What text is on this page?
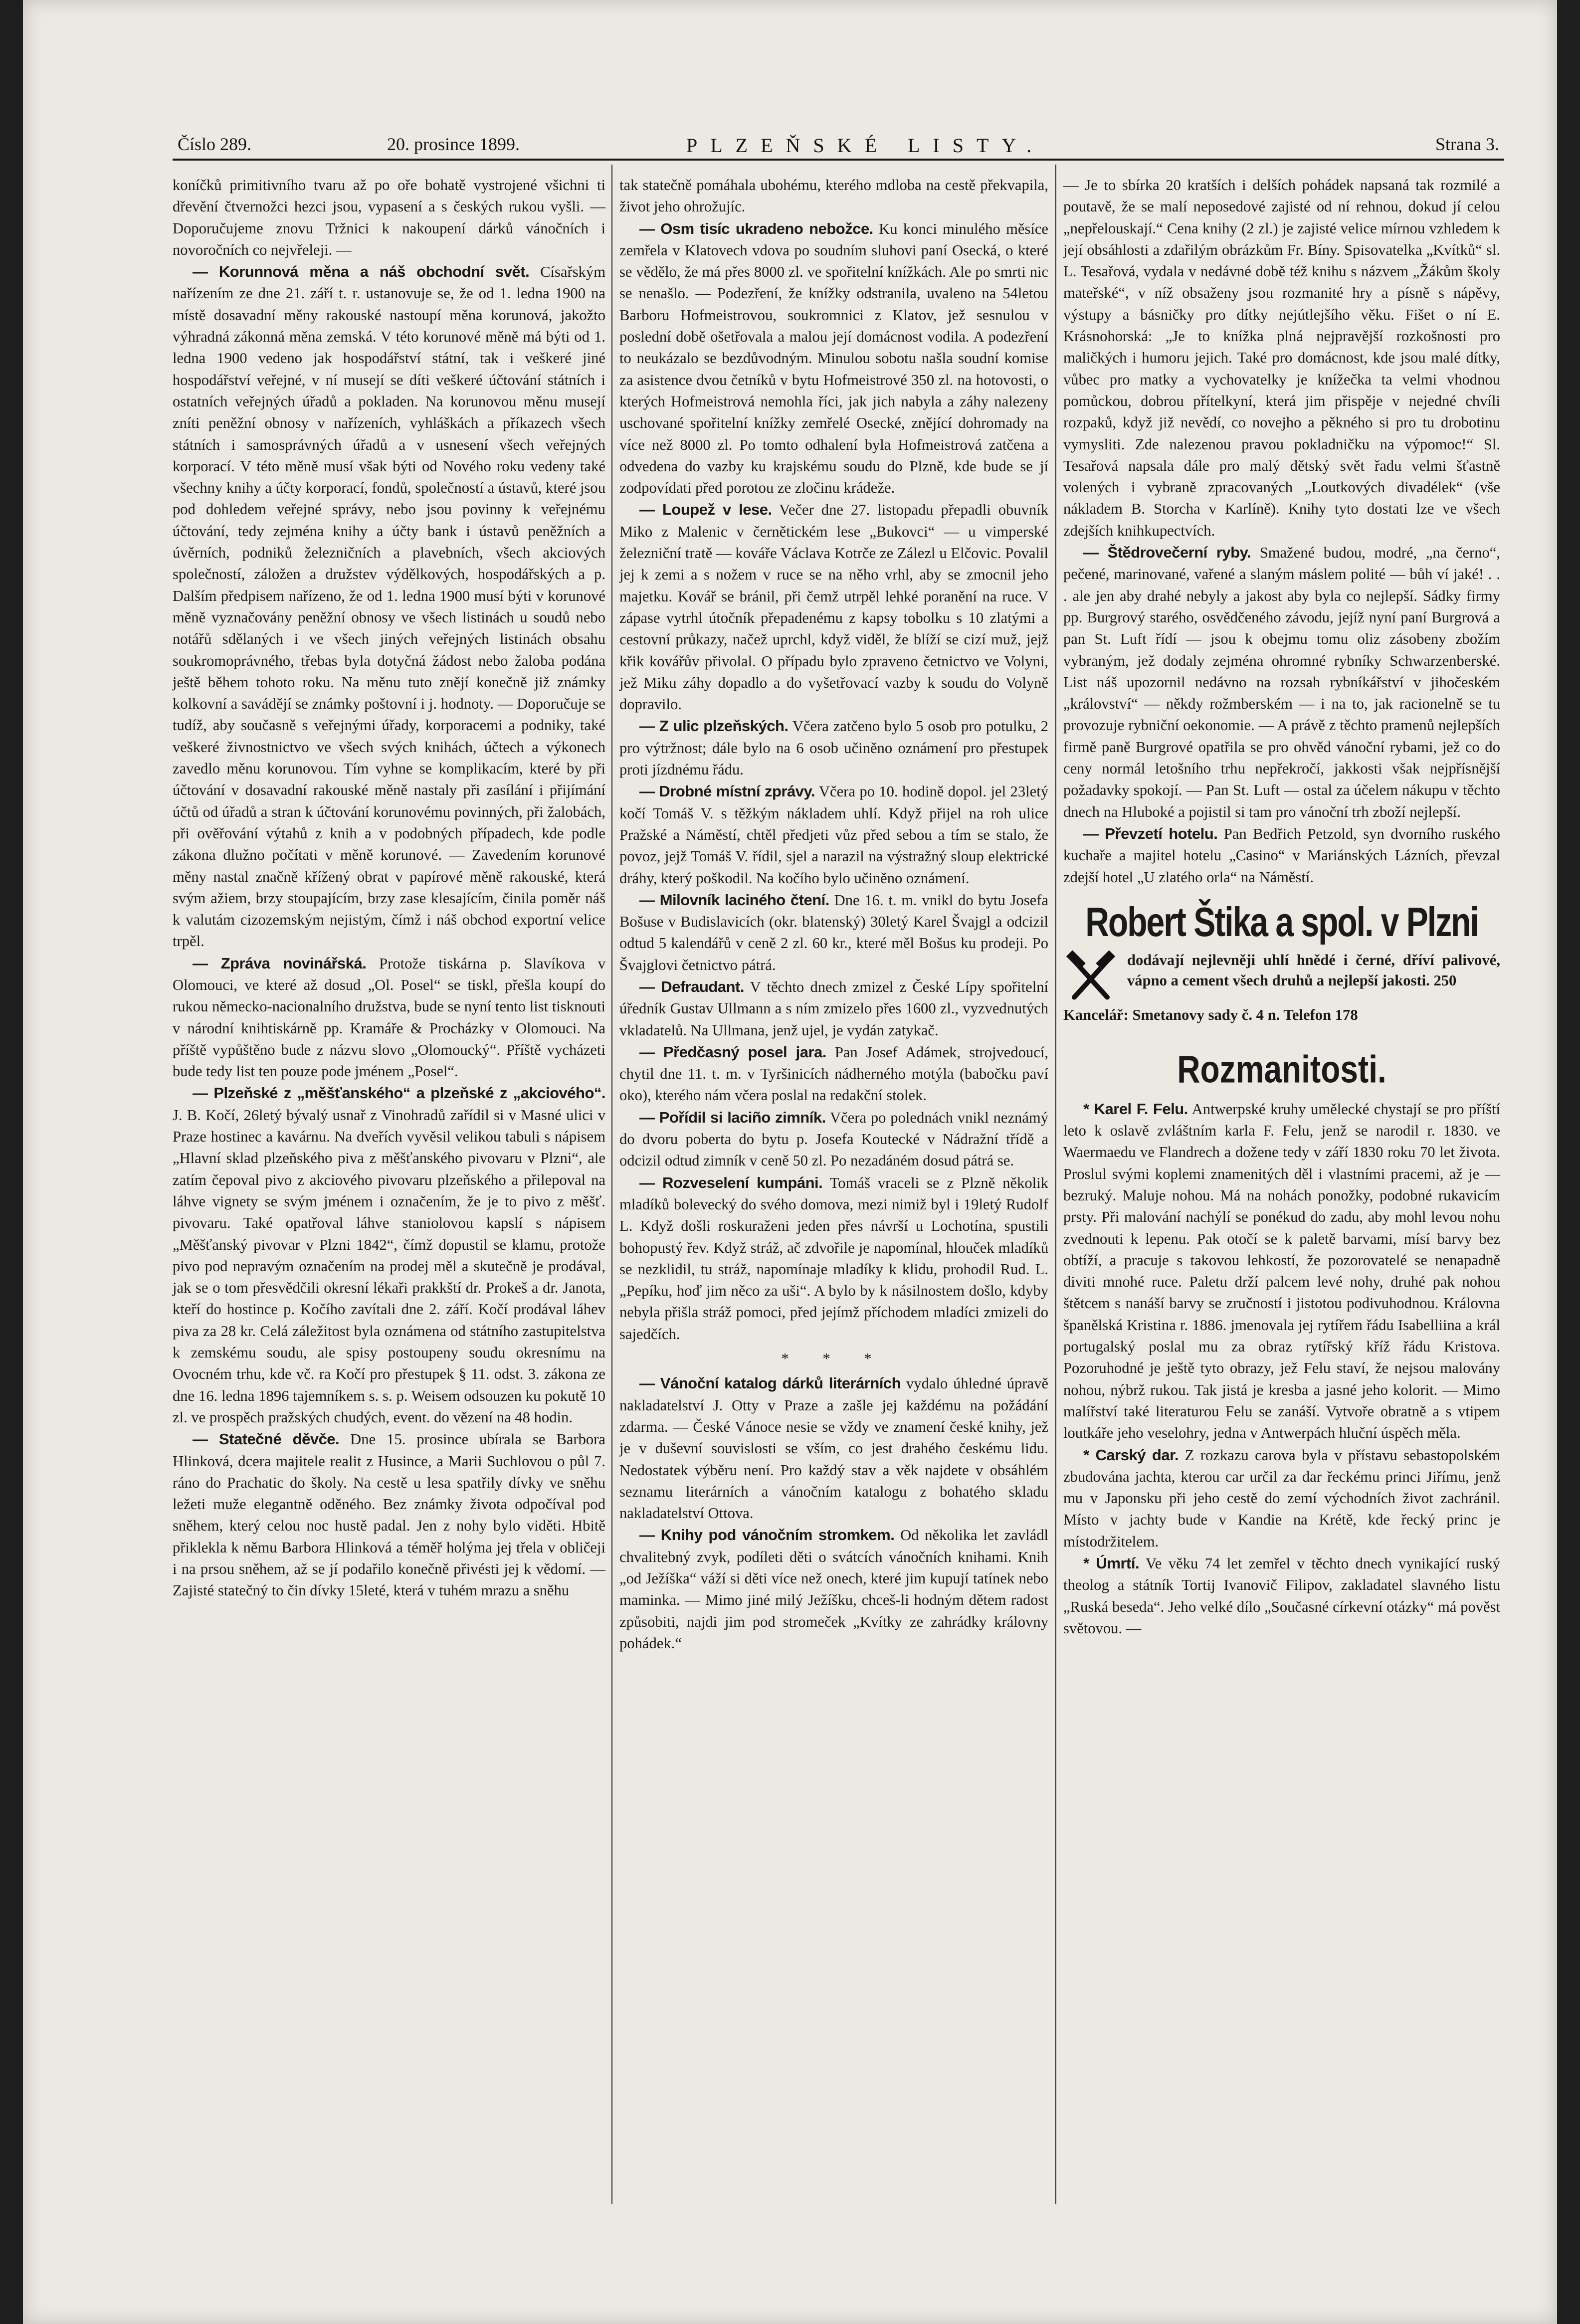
Číslo 289.	20. prosince 1899.	PLZEŇSKÉ LISTY.	Strana 3.

koníčků primitivního tvaru až po oře bohatě vystrojené všichni ti dřevění čtvernožci hezci jsou, vypasení a s českých rukou vyšli. — Doporučujeme znovu Tržnici k nakoupení dárků vánočních i novoročních co nejvřeleji. —

— Korunnová měna a náš obchodní svět. Císařským nařízením ze dne 21. září t. r. ustanovuje se, že od 1. ledna 1900 na místě dosavadní měny rakouské nastoupí měna korunová, jakožto výhradná zákonná měna zemská. V této korunové měně má býti od 1. ledna 1900 vedeno jak hospodářství státní, tak i veškeré jiné hospodářství veřejné, v ní musejí se díti veškeré účtování státních i ostatních veřejných úřadů a pokladen. Na korunovou měnu musejí zníti peněžní obnosy v nařízeních, vyhláškách a příkazech všech státních i samosprávných úřadů a v usnesení všech veřejných korporací. V této měně musí však býti od Nového roku vedeny také všechny knihy a účty korporací, fondů, společností a ústavů, které jsou pod dohledem veřejné správy, nebo jsou povinny k veřejnému účtování, tedy zejména knihy a účty bank i ústavů peněžních a úvěrních, podniků železničních a plavebních, všech akciových společností, záložen a družstev výdělkových, hospodářských a p. Dalším předpisem nařízeno, že od 1. ledna 1900 musí býti v korunové měně vyznačovány peněžní obnosy ve všech listinách u soudů nebo notářů sdělaných i ve všech jiných veřejných listinách obsahu soukromoprávného, třebas byla dotyčná žádost nebo žaloba podána ještě během tohoto roku. Na měnu tuto znějí konečně již známky kolkovní a savádějí se známky poštovní i j. hodnoty. — Doporučuje se tudíž, aby současně s veřejnými úřady, korporacemi a podniky, také veškeré živnostnictvo ve všech svých knihách, účtech a výkonech zavedlo měnu korunovou. Tím vyhne se komplikacím, které by při účtování v dosavadní rakouské měně nastaly při zasílání i přijímání účtů od úřadů a stran k účtování korunovému povinných, při žalobách, při ověřování výtahů z knih a v podobných případech, kde podle zákona dlužno počítati v měně korunové. — Zavedením korunové měny nastal značně křížený obrat v papírové měně rakouské, která svým ažiem, brzy stoupajícím, brzy zase klesajícím, činila poměr náš k valutám cizozemským nejistým, čímž i náš obchod exportní velice trpěl.

— Zpráva novinářská. Protože tiskárna p. Slavíkova v Olomouci, ve které až dosud „Ol. Posel“ se tiskl, přešla koupí do rukou německo-nacionalního družstva, bude se nyní tento list tisknouti v národní knihtiskárně pp. Kramáře & Procházky v Olomouci. Na příště vypůštěno bude z názvu slovo „Olomoucký“. Příště vycházeti bude tedy list ten pouze pode jménem „Posel“.

— Plzeňské z „měšťanského“ a plzeňské z „akciového“. J. B. Kočí, 26letý bývalý usnař z Vinohradů zařídil si v Masné ulici v Praze hostinec a kavárnu. Na dveřích vyvěsil velikou tabuli s nápisem „Hlavní sklad plzeňského piva z měšťanského pivovaru v Plzni“, ale zatím čepoval pivo z akciového pivovaru plzeňského a přilepoval na láhve vignety se svým jménem i označením, že je to pivo z měšť. pivovaru. Také opatřoval láhve staniolovou kapslí s nápisem „Měšťanský pivovar v Plzni 1842“, čímž dopustil se klamu, protože pivo pod nepravým označením na prodej měl a skutečně je prodával, jak se o tom přesvědčili okresní lékaři prakkští dr. Prokeš a dr. Janota, kteří do hostince p. Kočího zavítali dne 2. září. Kočí prodával láhev piva za 28 kr. Celá záležitost byla oznámena od státního zastupitelstva k zemskému soudu, ale spisy postoupeny soudu okresnímu na Ovocném trhu, kde vč. ra Kočí pro přestupek § 11. odst. 3. zákona ze dne 16. ledna 1896 tajemníkem s. s. p. Weisem odsouzen ku pokutě 10 zl. ve prospěch pražských chudých, event. do vězení na 48 hodin.

— Statečné děvče. Dne 15. prosince ubírala se Barbora Hlinková, dcera majitele realit z Husince, a Marii Suchlovou o půl 7. ráno do Prachatic do školy. Na cestě u lesa spatřily dívky ve sněhu ležeti muže elegantně oděného. Bez známky života odpočíval pod sněhem, který celou noc hustě padal. Jen z nohy bylo viděti. Hbitě přiklekla k němu Barbora Hlinková a téměř holýma jej třela v obličeji i na prsou sněhem, až se jí podařilo konečně přivésti jej k vědomí. — Zajisté statečný to čin dívky 15leté, která v tuhém mrazu a sněhu

tak statečně pomáhala ubohému, kterého mdloba na cestě překvapila, život jeho ohrožujíc.

— Osm tisíc ukradeno nebožce. Ku konci minulého měsíce zemřela v Klatovech vdova po soudním sluhovi paní Osecká, o které se vědělo, že má přes 8000 zl. ve spořitelní knížkách. Ale po smrti nic se nenašlo. — Podezření, že knížky odstranila, uvaleno na 54letou Barboru Hofmeistrovou, soukromnici z Klatov, jež sesnulou v poslední době ošetřovala a malou její domácnost vodila. A podezření to neukázalo se bezdůvodným. Minulou sobotu našla soudní komise za asistence dvou četníků v bytu Hofmeistrové 350 zl. na hotovosti, o kterých Hofmeistrová nemohla říci, jak jich nabyla a záhy nalezeny uschované spořitelní knížky zemřelé Osecké, znějící dohromady na více než 8000 zl. Po tomto odhalení byla Hofmeistrová zatčena a odvedena do vazby ku krajskému soudu do Plzně, kde bude se jí zodpovídati před porotou ze zločinu krádeže.

— Loupež v lese. Večer dne 27. listopadu přepadli obuvník Miko z Malenic v černětickém lese „Bukovci“ — u vimperské železniční tratě — kováře Václava Kotrče ze Zálezl u Elčovic. Povalil jej k zemi a s nožem v ruce se na něho vrhl, aby se zmocnil jeho majetku. Kovář se bránil, při čemž utrpěl lehké poranění na ruce. V zápase vytrhl útočník přepadenému z kapsy tobolku s 10 zlatými a cestovní průkazy, načež uprchl, když viděl, že blíží se cizí muž, jejž křik kovářův přivolal. O případu bylo zpraveno četnictvo ve Volyni, jež Miku záhy dopadlo a do vyšetřovací vazby k soudu do Volyně dopravilo.

— Z ulic plzeňských. Včera zatčeno bylo 5 osob pro potulku, 2 pro výtržnost; dále bylo na 6 osob učiněno oznámení pro přestupek proti jízdnému řádu.

— Drobné místní zprávy. Včera po 10. hodině dopol. jel 23letý kočí Tomáš V. s těžkým nákladem uhlí. Když přijel na roh ulice Pražské a Náměstí, chtěl předjeti vůz před sebou a tím se stalo, že povoz, jejž Tomáš V. řídil, sjel a narazil na výstražný sloup elektrické dráhy, který poškodil. Na kočího bylo učiněno oznámení.

— Milovník laciného čtení. Dne 16. t. m. vnikl do bytu Josefa Bošuse v Budislavicích (okr. blatenský) 30letý Karel Švajgl a odcizil odtud 5 kalendářů v ceně 2 zl. 60 kr., které měl Bošus ku prodeji. Po Švajglovi četnictvo pátrá.

— Defraudant. V těchto dnech zmizel z České Lípy spořitelní úředník Gustav Ullmann a s ním zmizelo přes 1600 zl., vyzvednutých vkladatelů. Na Ullmana, jenž ujel, je vydán zatykač.

— Předčasný posel jara. Pan Josef Adámek, strojvedoucí, chytil dne 11. t. m. v Tyršinicích nádherného motýla (babočku paví oko), kterého nám včera poslal na redakční stolek.

— Pořídil si laciño zimník. Včera po polednách vnikl neznámý do dvoru poberta do bytu p. Josefa Koutecké v Nádražní třídě a odcizil odtud zimník v ceně 50 zl. Po nezadáném dosud pátrá se.

— Rozveselení kumpáni. Tomáš vraceli se z Plzně několik mladíků bolevecký do svého domova, mezi nimiž byl i 19letý Rudolf L. Když došli roskuraženi jeden přes návrší u Lochotína, spustili bohopustý řev. Když stráž, ač zdvořile je napomínal, hlouček mladíků se nezklidil, tu stráž, napomínaje mladíky k klidu, prohodil Rud. L. „Pepíku, hoď jim něco za uši“. A bylo by k násilnostem došlo, kdyby nebyla přišla stráž pomoci, před jejímž příchodem mladíci zmizeli do sajedčích.

* * *

— Vánoční katalog dárků literárních vydalo úhledné úpravě nakladatelství J. Otty v Praze a zašle jej každému na požádání zdarma. — České Vánoce nesie se vždy ve znamení české knihy, jež je v duševní souvislosti se vším, co jest drahého českému lidu. Nedostatek výběru není. Pro každý stav a věk najdete v obsáhlém seznamu literárních a vánočním katalogu z bohatého skladu nakladatelství Ottova.

— Knihy pod vánočním stromkem. Od několika let zavládl chvalitebný zvyk, podíleti děti o svátcích vánočních knihami. Knih „od Ježíška“ váží si děti více než onech, které jim kupují tatínek nebo maminka. — Mimo jiné milý Ježíšku, chceš-li hodným dětem radost způsobiti, najdi jim pod stromeček „Kvítky ze zahrádky královny pohádek.“

— Je to sbírka 20 kratších i delších pohádek napsaná tak rozmilé a poutavě, že se malí neposedové zajisté od ní rehnou, dokud jí celou „nepřelouskají.“ Cena knihy (2 zl.) je zajisté velice mírnou vzhledem k její obsáhlosti a zdařilým obrázkům Fr. Bíny. Spisovatelka „Kvítků“ sl. L. Tesařová, vydala v nedávné době též knihu s názvem „Žákům školy mateřské“, v níž obsaženy jsou rozmanité hry a písně s nápěvy, výstupy a básničky pro dítky nejútlejšího věku. Fišet o ní E. Krásnohorská: „Je to knížka plná nejpravější rozkošnosti pro maličkých i humoru jejich. Také pro domácnost, kde jsou malé dítky, vůbec pro matky a vychovatelky je knížečka ta velmi vhodnou pomůckou, dobrou přítelkyní, která jim přispěje v nejedné chvíli rozpaků, když již nevědí, co novejho a pěkného si pro tu drobotinu vymysliti. Zde nalezenou pravou pokladničku na výpomoc!“ Sl. Tesařová napsala dále pro malý dětský svět řadu velmi šťastně volených i vybraně zpracovaných „Loutkových divadélek“ (vše nákladem B. Storcha v Karlíně). Knihy tyto dostati lze ve všech zdejších knihkupectvích.

— Štědrovečerní ryby. Smažené budou, modré, „na černo“, pečené, marinované, vařené a slaným máslem polité — bůh ví jaké! . . . ale jen aby drahé nebyly a jakost aby byla co nejlepší. Sádky firmy pp. Burgrový starého, osvědčeného závodu, jejíž nyní paní Burgrová a pan St. Luft řídí — jsou k obejmu tomu oliz zásobeny zbožím vybraným, jež dodaly zejména ohromné rybníky Schwarzenberské. List náš upozornil nedávno na rozsah rybníkářství v jihočeském „království“ — někdy rožmberském — i na to, jak racionelně se tu provozuje rybniční oekonomie. — A právě z těchto pramenů nejlepších firmě paně Burgrové opatřila se pro ohvěd vánoční rybami, jež co do ceny normál letošního trhu nepřekročí, jakkosti však nejpřísnější požadavky spokojí. — Pan St. Luft — ostal za účelem nákupu v těchto dnech na Hluboké a pojistil si tam pro vánoční trh zboží nejlepší.

— Převzetí hotelu. Pan Bedřich Petzold, syn dvorního ruského kuchaře a majitel hotelu „Casino“ v Mariánských Lázních, převzal zdejší hotel „U zlatého orla“ na Náměstí.

Robert Štika a spol. v Plzni
dodávají nejlevněji uhlí hnědé i černé, dříví palivové, vápno a cement všech druhů a nejlepší jakosti. 250
Kancelář: Smetanovy sady č. 4 n. Telefon 178
Rozmanitosti.

* Karel F. Felu. Antwerpské kruhy umělecké chystají se pro příští leto k oslavě zvláštním karla F. Felu, jenž se narodil r. 1830. ve Waermaedu ve Flandrech a dožene tedy v září 1830 roku 70 let života. Proslul svými koplemi znamenitých děl i vlastními pracemi, až je — bezruký. Maluje nohou. Má na nohách ponožky, podobné rukavicím prsty. Při malování nachýlí se ponékud do zadu, aby mohl levou nohu zvednouti k lepenu. Pak otočí se k paletě barvami, mísí barvy bez obtíží, a pracuje s takovou lehkostí, že pozorovatelé se nenapadně diviti mnohé ruce. Paletu drží palcem levé nohy, druhé pak nohou štětcem s nanáší barvy se zručností i jistotou podivuhodnou. Královna španělská Kristina r. 1886. jmenovala jej rytířem řádu Isabelliina a král portugalský poslal mu za obraz rytířský kříž řádu Kristova. Pozoruhodné je ještě tyto obrazy, jež Felu staví, že nejsou malovány nohou, nýbrž rukou. Tak jistá je kresba a jasné jeho kolorit. — Mimo malířství také literaturou Felu se zanáší. Vytvoře obratně a s vtipem loutkáře jeho veselohry, jedna v Antwerpách hluční úspěch měla.

* Carský dar. Z rozkazu carova byla v přístavu sebastopolském zbudována jachta, kterou car určil za dar řeckému princi Jiřímu, jenž mu v Japonsku při jeho cestě do zemí východních život zachránil. Místo v jachty bude v Kandie na Krétě, kde řecký princ je místodržitelem.

* Úmrtí. Ve věku 74 let zemřel v těchto dnech vynikající ruský theolog a státník Tortij Ivanovič Filipov, zakladatel slavného listu „Ruská beseda“. Jeho velké dílo „Současné církevní otázky“ má pověst světovou. —
